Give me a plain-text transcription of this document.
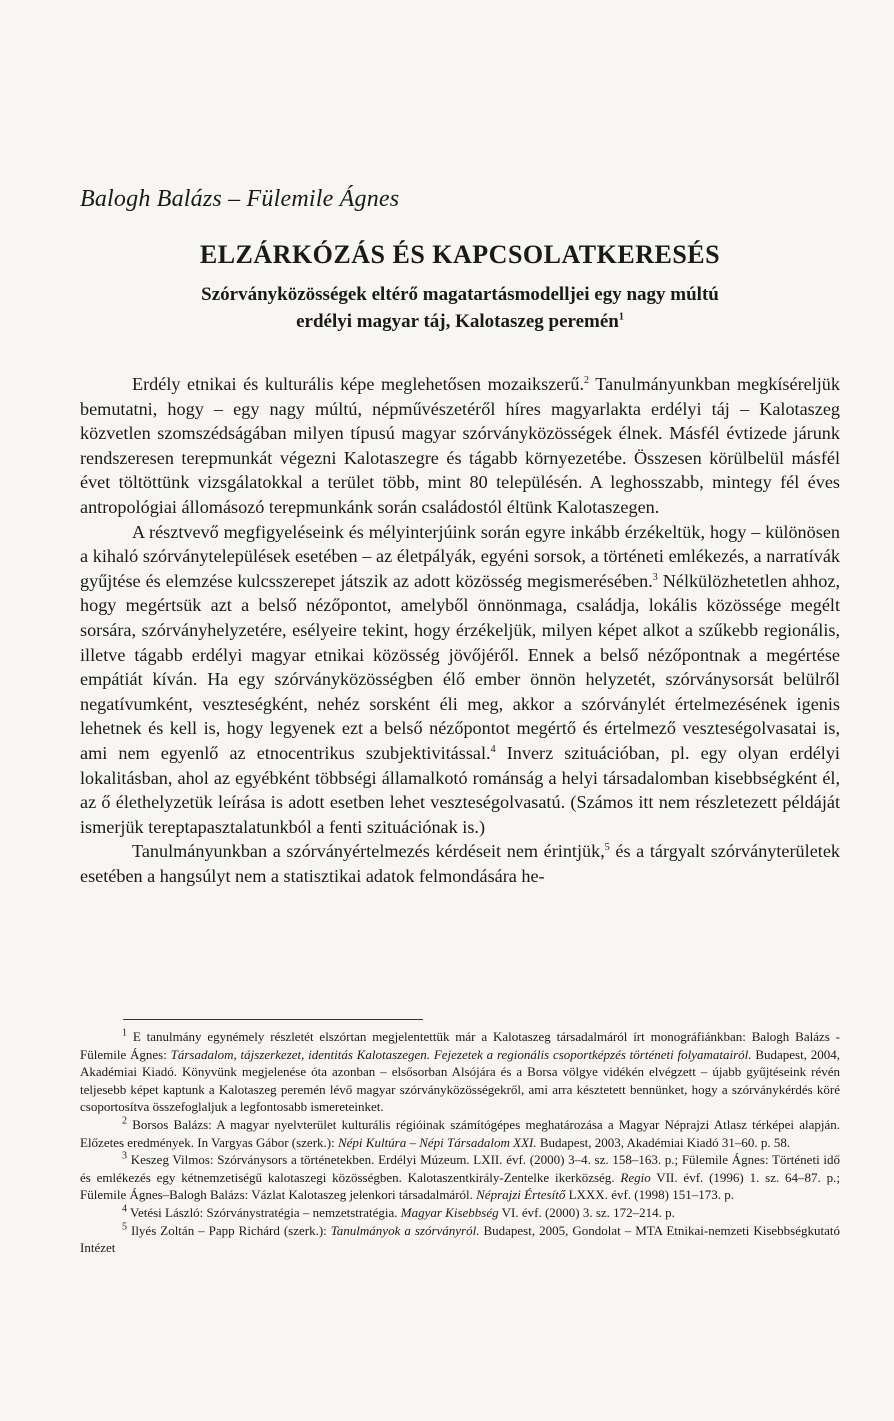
Balogh Balázs – Fülemile Ágnes
ELZÁRKÓZÁS ÉS KAPCSOLATKERESÉS
Szórványközösségek eltérő magatartásmodelljei egy nagy múltú
erdélyi magyar táj, Kalotaszeg peremén$^1$

Erdély etnikai és kulturális képe meglehetősen mozaikszerű.$^2$ Tanulmányunkban megkíséreljük bemutatni, hogy – egy nagy múltú, népművészetéről híres magyarlakta erdélyi táj – Kalotaszeg közvetlen szomszédságában milyen típusú magyar szórványközösségek élnek. Másfél évtizede járunk rendszeresen terepmunkát végezni Kalotaszegre és tágabb környezetébe. Összesen körülbelül másfél évet töltöttünk vizsgálatokkal a terület több, mint 80 településén. A leghosszabb, mintegy fél éves antropológiai állomásozó terepmunkánk során családostól éltünk Kalotaszegen.

A résztvevő megfigyeléseink és mélyinterjúink során egyre inkább érzékeltük, hogy – különösen a kihaló szórványtelepülések esetében – az életpályák, egyéni sorsok, a történeti emlékezés, a narratívák gyűjtése és elemzése kulcsszerepet játszik az adott közösség megismerésében.$^3$ Nélkülözhetetlen ahhoz, hogy megértsük azt a belső nézőpontot, amelyből önnönmaga, családja, lokális közössége megélt sorsára, szórványhelyzetére, esélyeire tekint, hogy érzékeljük, milyen képet alkot a szűkebb regionális, illetve tágabb erdélyi magyar etnikai közösség jövőjéről. Ennek a belső nézőpontnak a megértése empátiát kíván. Ha egy szórványközösségben élő ember önnön helyzetét, szórványsorsát belülről negatívumként, veszteségként, nehéz sorsként éli meg, akkor a szórványlét értelmezésének igenis lehetnek és kell is, hogy legyenek ezt a belső nézőpontot megértő és értelmező veszteségolvasatai is, ami nem egyenlő az etnocentrikus szubjektivitással.$^4$ Inverz szituációban, pl. egy olyan erdélyi lokalitásban, ahol az egyébként többségi államalkotó románság a helyi társadalomban kisebbségként él, az ő élethelyzetük leírása is adott esetben lehet veszteségolvasatú. (Számos itt nem részletezett példáját ismerjük tereptapasztalatunkból a fenti szituációnak is.)

Tanulmányunkban a szórványértelmezés kérdéseit nem érintjük,$^5$ és a tárgyalt szórványterületek esetében a hangsúlyt nem a statisztikai adatok felmondására he-

$^1$ E tanulmány egynémely részletét elszórtan megjelentettük már a Kalotaszeg társadalmáról írt monográfiánkban: Balogh Balázs - Fülemile Ágnes: Társadalom, tájszerkezet, identitás Kalotaszegen. Fejezetek a regionális csoportképzés történeti folyamatairól. Budapest, 2004, Akadémiai Kiadó. Könyvünk megjelenése óta azonban – elsősorban Alsójára és a Borsa völgye vidékén elvégzett – újabb gyűjtéseink révén teljesebb képet kaptunk a Kalotaszeg peremén lévő magyar szórványközösségekről, ami arra késztetett bennünket, hogy a szórványkérdés köré csoportosítva összefoglaljuk a legfontosabb ismereteinket.

$^2$ Borsos Balázs: A magyar nyelvterület kulturális régióinak számítógépes meghatározása a Magyar Néprajzi Atlasz térképei alapján. Előzetes eredmények. In Vargyas Gábor (szerk.): Népi Kultúra – Népi Társadalom XXI. Budapest, 2003, Akadémiai Kiadó 31–60. p. 58.

$^3$ Keszeg Vilmos: Szórványsors a történetekben. Erdélyi Múzeum. LXII. évf. (2000) 3–4. sz. 158–163. p.; Fülemile Ágnes: Történeti idő és emlékezés egy kétnemzetiségű kalotaszegi közösségben. Kalotaszentkirály-Zentelke ikerközség. Regio VII. évf. (1996) 1. sz. 64–87. p.; Fülemile Ágnes–Balogh Balázs: Vázlat Kalotaszeg jelenkori társadalmáról. Néprajzi Értesítő LXXX. évf. (1998) 151–173. p.

$^4$ Vetési László: Szórványstratégia – nemzetstratégia. Magyar Kisebbség VI. évf. (2000) 3. sz. 172–214. p.

$^5$ Ilyés Zoltán – Papp Richárd (szerk.): Tanulmányok a szórványról. Budapest, 2005, Gondolat – MTA Etnikai-nemzeti Kisebbségkutató Intézet
